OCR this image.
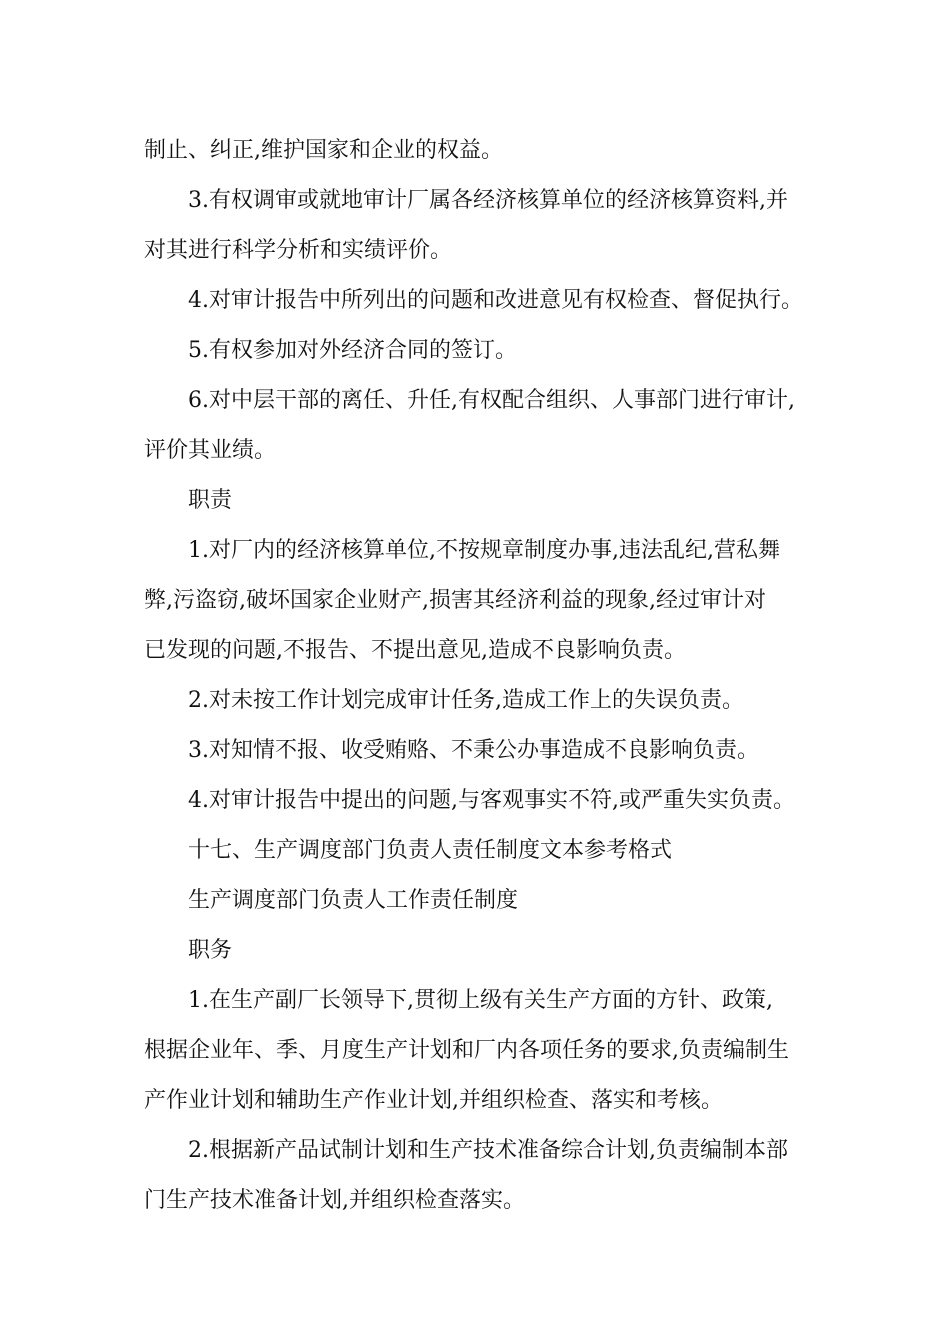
制止、纠正,维护国家和企业的权益。
3.有权调审或就地审计厂属各经济核算单位的经济核算资料,并
对其进行科学分析和实绩评价。
4.对审计报告中所列出的问题和改进意见有权检查、督促执行。
5.有权参加对外经济合同的签订。
6.对中层干部的离任、升任,有权配合组织、人事部门进行审计,
评价其业绩。
职责
1.对厂内的经济核算单位,不按规章制度办事,违法乱纪,营私舞
弊,污盗窃,破坏国家企业财产,损害其经济利益的现象,经过审计对
已发现的问题,不报告、不提出意见,造成不良影响负责。
2.对未按工作计划完成审计任务,造成工作上的失误负责。
3.对知情不报、收受贿赂、不秉公办事造成不良影响负责。
4.对审计报告中提出的问题,与客观事实不符,或严重失实负责。
十七、生产调度部门负责人责任制度文本参考格式
生产调度部门负责人工作责任制度
职务
1.在生产副厂长领导下,贯彻上级有关生产方面的方针、政策,
根据企业年、季、月度生产计划和厂内各项任务的要求,负责编制生
产作业计划和辅助生产作业计划,并组织检查、落实和考核。
2.根据新产品试制计划和生产技术准备综合计划,负责编制本部
门生产技术准备计划,并组织检查落实。
